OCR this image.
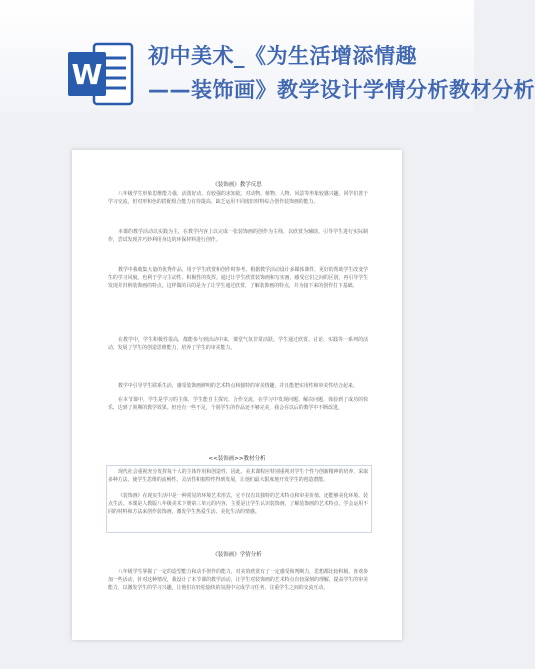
W
初中美术_《为生活增添情趣
——装饰画》教学设计学情分析教材分析
《装饰画》教学反思

八年级学生形象思维能力强，活泼好动，有较强的求知欲。对动物、植物、人物、风景等形象较感兴趣。同学们善于学习交流，但对形和色的搭配组合能力有待提高。缺乏运用不同废旧材料综合创作装饰画的能力。

本课的教学活动以实践为主，在教学内容上以完成一张装饰画的创作为主线，以欣赏为辅助。引导学生进行实际制作，尝试发现并巧妙利用身边的环保材料进行创作。

教学中我收集大量的优秀作品，用于学生欣赏和创作时参考。根据教学活动设计多媒体课件，更好的帮助学生改变学生的学习风貌，也利于学习主动性、积极性的发挥。通过让学生欣赏装饰画和写实画，感受它们之间的区别，再引导学生发现并归纳装饰画的特点。这样做的目的是为了让学生通过欣赏，了解装饰画的特点，并为接下来的创作打下基础。

在教学中，学生积极性很高，都能参与到活动中来，课堂气氛非常活跃。学生通过欣赏、讨论、实践等一系列的活动，发展了学生的创造思维能力，培养了学生的审美能力。

教学中引导学生联系生活，感受装饰画鲜明的艺术特点和独特的审美情趣，并且能把实用性和审美性结合起来。

在本节课中，学生是学习的主体，学生能自主探究、合作交流，在学习中发现问题、解决问题，体验到了成功的快乐，达到了预期的教学效果。但也有一些不足，个别学生的作品还不够完美，我会在以后的教学中不断改进。

<<装饰画>>教材分析

现代社会重视充分发挥每个人的主体作用和创造性，因此，美术课程应特别重视对学生个性与创新精神的培养，采取多种方法，使学生思维的流畅性、灵活性和独特性得到发展，让他们最大限度地开发学生的创造潜能。

《装饰画》在现实生活中是一种常见的环境艺术形式，它不仅有其独特的艺术特点和审美价值，还能够美化环境、装点生活。本课是人教版八年级美术下册第三单元的内容，主要是让学生认识装饰画，了解装饰画的艺术特点，学会运用不同的材料和方法来创作装饰画，激发学生热爱生活、美化生活的情感。

《装饰画》学情分析

八年级学生掌握了一定的造型能力和动手创作的能力，对美的欣赏有了一定感受和判断力，思想都比较积极，喜欢参加一些活动，针对这种情况，我设计了本节课的教学活动，让学生对装饰画的艺术特点有较深刻的理解，提高学生的审美能力，以激发学生的学习兴趣，让他们在轻松愉快的氛围中完成学习任务，注重学生之间的交流互动。
